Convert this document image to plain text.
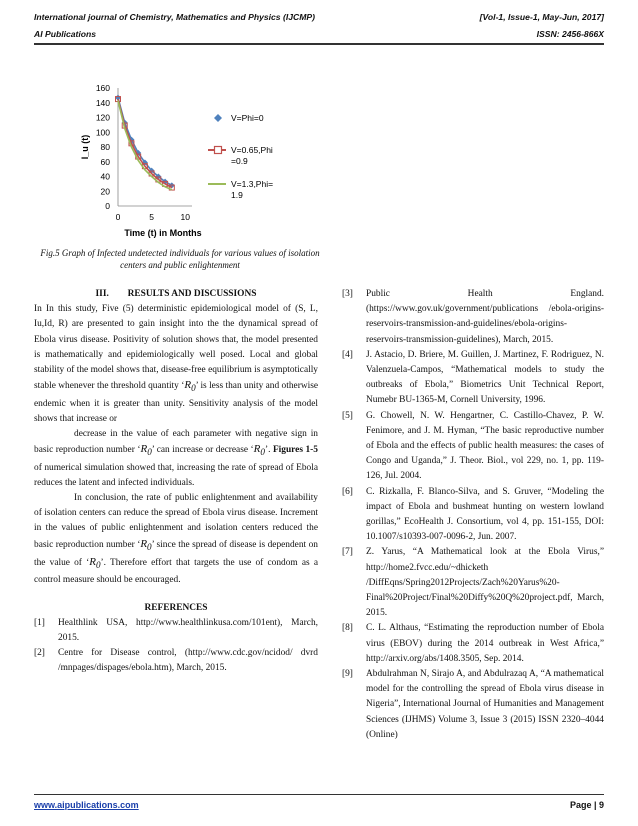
International journal of Chemistry, Mathematics and Physics (IJCMP)	[Vol-1, Issue-1, May-Jun, 2017]
AI Publications	ISSN: 2456-866X
0
20
40
60
80
100
120
140
160
0	5	10
Time (t) in Months
I_u (t)
V=Phi=0
V=0.65,Phi =0.9
V=1.3,Phi= 1.9
Fig.5 Graph of Infected undetected individuals for various values of isolation centers and public enlightenment

III. RESULTS AND DISCUSSIONS

In In this study, Five (5) deterministic epidemiological model of (S, L, Iu,Id, R) are presented to gain insight into the the dynamical spread of Ebola virus disease. Positivity of solution shows that, the model presented is mathematically and epidemiologically well posed. Local and global stability of the model shows that, disease-free equilibrium is asymptotically stable whenever the threshold quantity ‘$R_0$’ is less than unity and otherwise endemic when it is greater than unity. Sensitivity analysis of the model shows that increase or

decrease in the value of each parameter with negative sign in basic reproduction number ‘$R_0$’ can increase or decrease ‘$R_0$’. Figures 1-5 of numerical simulation showed that, increasing the rate of spread of Ebola reduces the latent and infected individuals.

In conclusion, the rate of public enlightenment and availability of isolation centers can reduce the spread of Ebola virus disease. Increment in the values of public enlightenment and isolation centers reduced the basic reproduction number ‘$R_0$’ since the spread of disease is dependent on the value of ‘$R_0$’. Therefore effort that targets the use of condom as a control measure should be encouraged.

REFERENCES

[1]	Healthlink USA, http://www.healthlinkusa.com/101ent), March, 2015.
[2]	Centre for Disease control, (http://www.cdc.gov/ncidod/ dvrd /mnpages/dispages/ebola.htm), March, 2015.
[3]	Public Health England. (https://www.gov.uk/government/publications /ebola-origins-reservoirs-transmission-and-guidelines/ebola-origins-reservoirs-transmission-guidelines), March, 2015.
[4]	J. Astacio, D. Briere, M. Guillen, J. Martinez, F. Rodriguez, N. Valenzuela-Campos, “Mathematical models to study the outbreaks of Ebola,” Biometrics Unit Technical Report, Numebr BU-1365-M, Cornell University, 1996.
[5]	G. Chowell, N. W. Hengartner, C. Castillo-Chavez, P. W. Fenimore, and J. M. Hyman, “The basic reproductive number of Ebola and the effects of public health measures: the cases of Congo and Uganda,” J. Theor. Biol., vol 229, no. 1, pp. 119-126, Jul. 2004.
[6]	C. Rizkalla, F. Blanco-Silva, and S. Gruver, “Modeling the impact of Ebola and bushmeat hunting on western lowland gorillas,” EcoHealth J. Consortium, vol 4, pp. 151-155, DOI: 10.1007/s10393-007-0096-2, Jun. 2007.
[7]	Z. Yarus, “A Mathematical look at the Ebola Virus,” http://home2.fvcc.edu/~dhicketh /DiffEqns/Spring2012Projects/Zach%20Yarus%20-Final%20Project/Final%20Diffy%20Q%20project.pdf, March, 2015.
[8]	C. L. Althaus, “Estimating the reproduction number of Ebola virus (EBOV) during the 2014 outbreak in West Africa,” http://arxiv.org/abs/1408.3505, Sep. 2014.
[9]	Abdulrahman N, Sirajo A, and Abdulrazaq A, “A mathematical model for the controlling the spread of Ebola virus disease in Nigeria”, International Journal of Humanities and Management Sciences (IJHMS) Volume 3, Issue 3 (2015) ISSN 2320–4044 (Online)
www.aipublications.com	Page | 9
